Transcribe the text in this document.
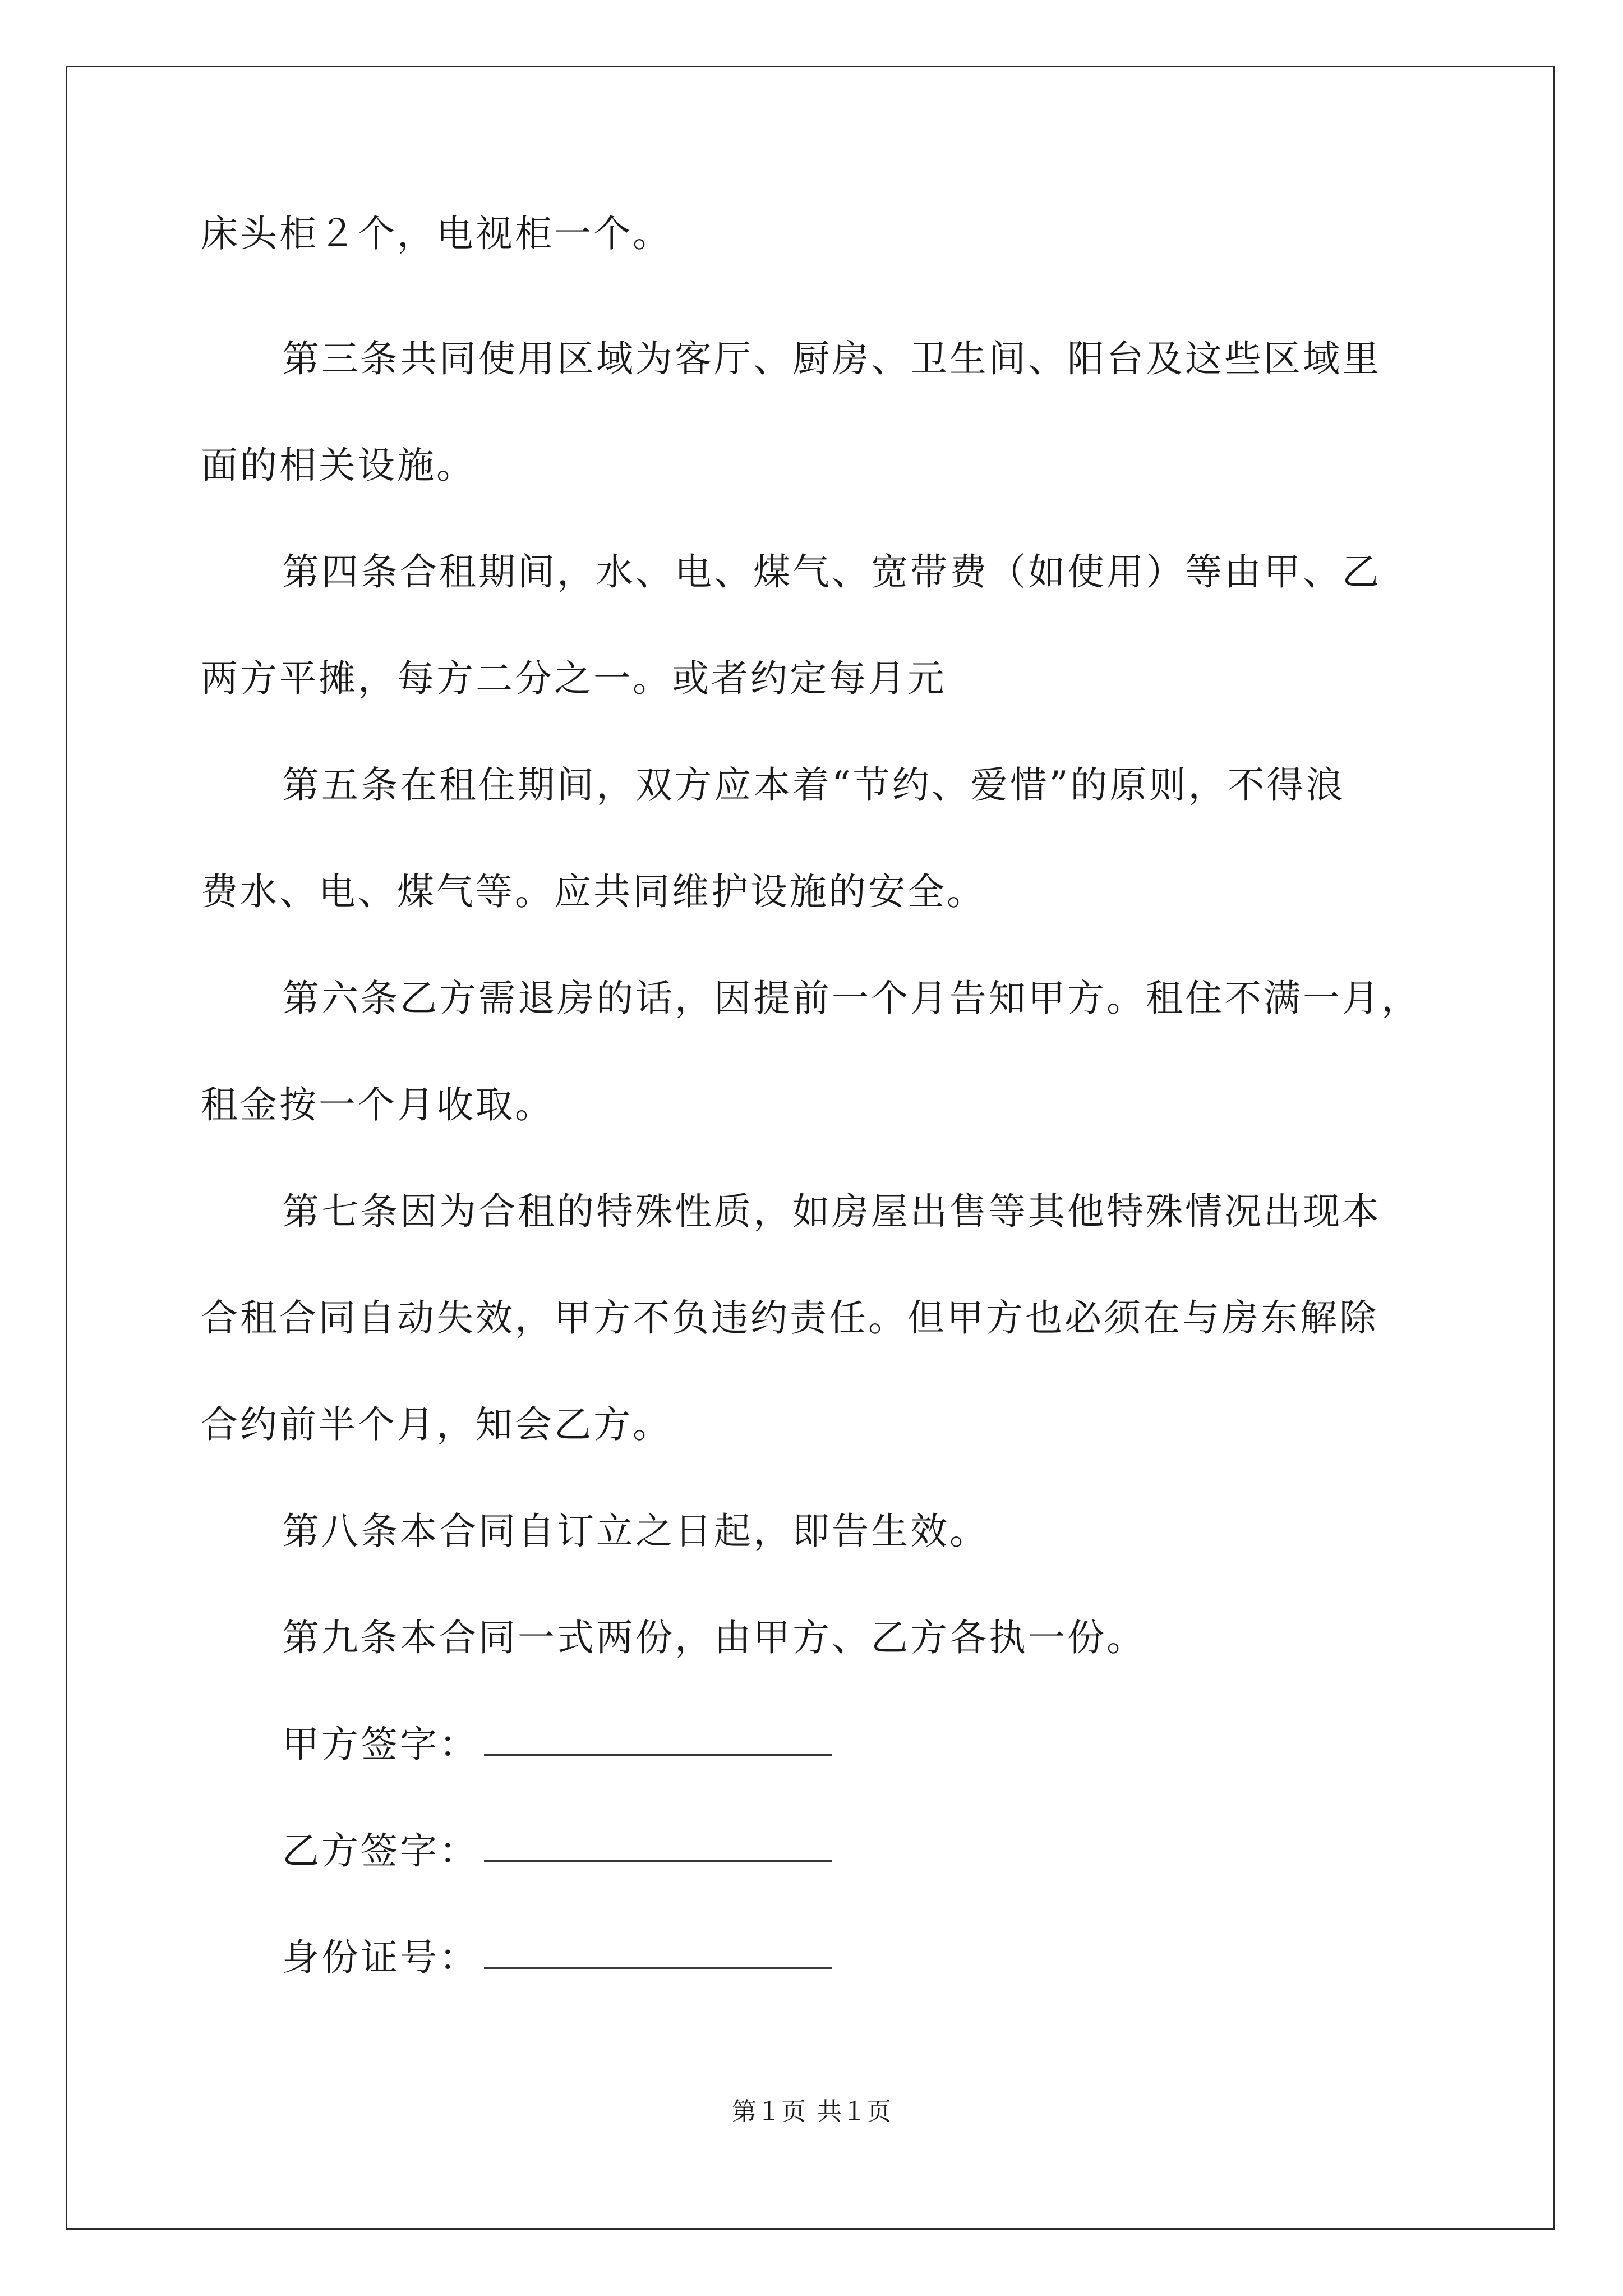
床头柜２个，电视柜一个。
第三条共同使用区域为客厅、厨房、卫生间、阳台及这些区域里
面的相关设施。
第四条合租期间，水、电、煤气、宽带费（如使用）等由甲、乙
两方平摊，每方二分之一。或者约定每月元
第五条在租住期间，双方应本着“节约、爱惜”的原则，不得浪
费水、电、煤气等。应共同维护设施的安全。
第六条乙方需退房的话，因提前一个月告知甲方。租住不满一月，
租金按一个月收取。
第七条因为合租的特殊性质，如房屋出售等其他特殊情况出现本
合租合同自动失效，甲方不负违约责任。但甲方也必须在与房东解除
合约前半个月，知会乙方。
第八条本合同自订立之日起，即告生效。
第九条本合同一式两份，由甲方、乙方各执一份。
甲方签字：
乙方签字：
身份证号：
第１页 共１页
